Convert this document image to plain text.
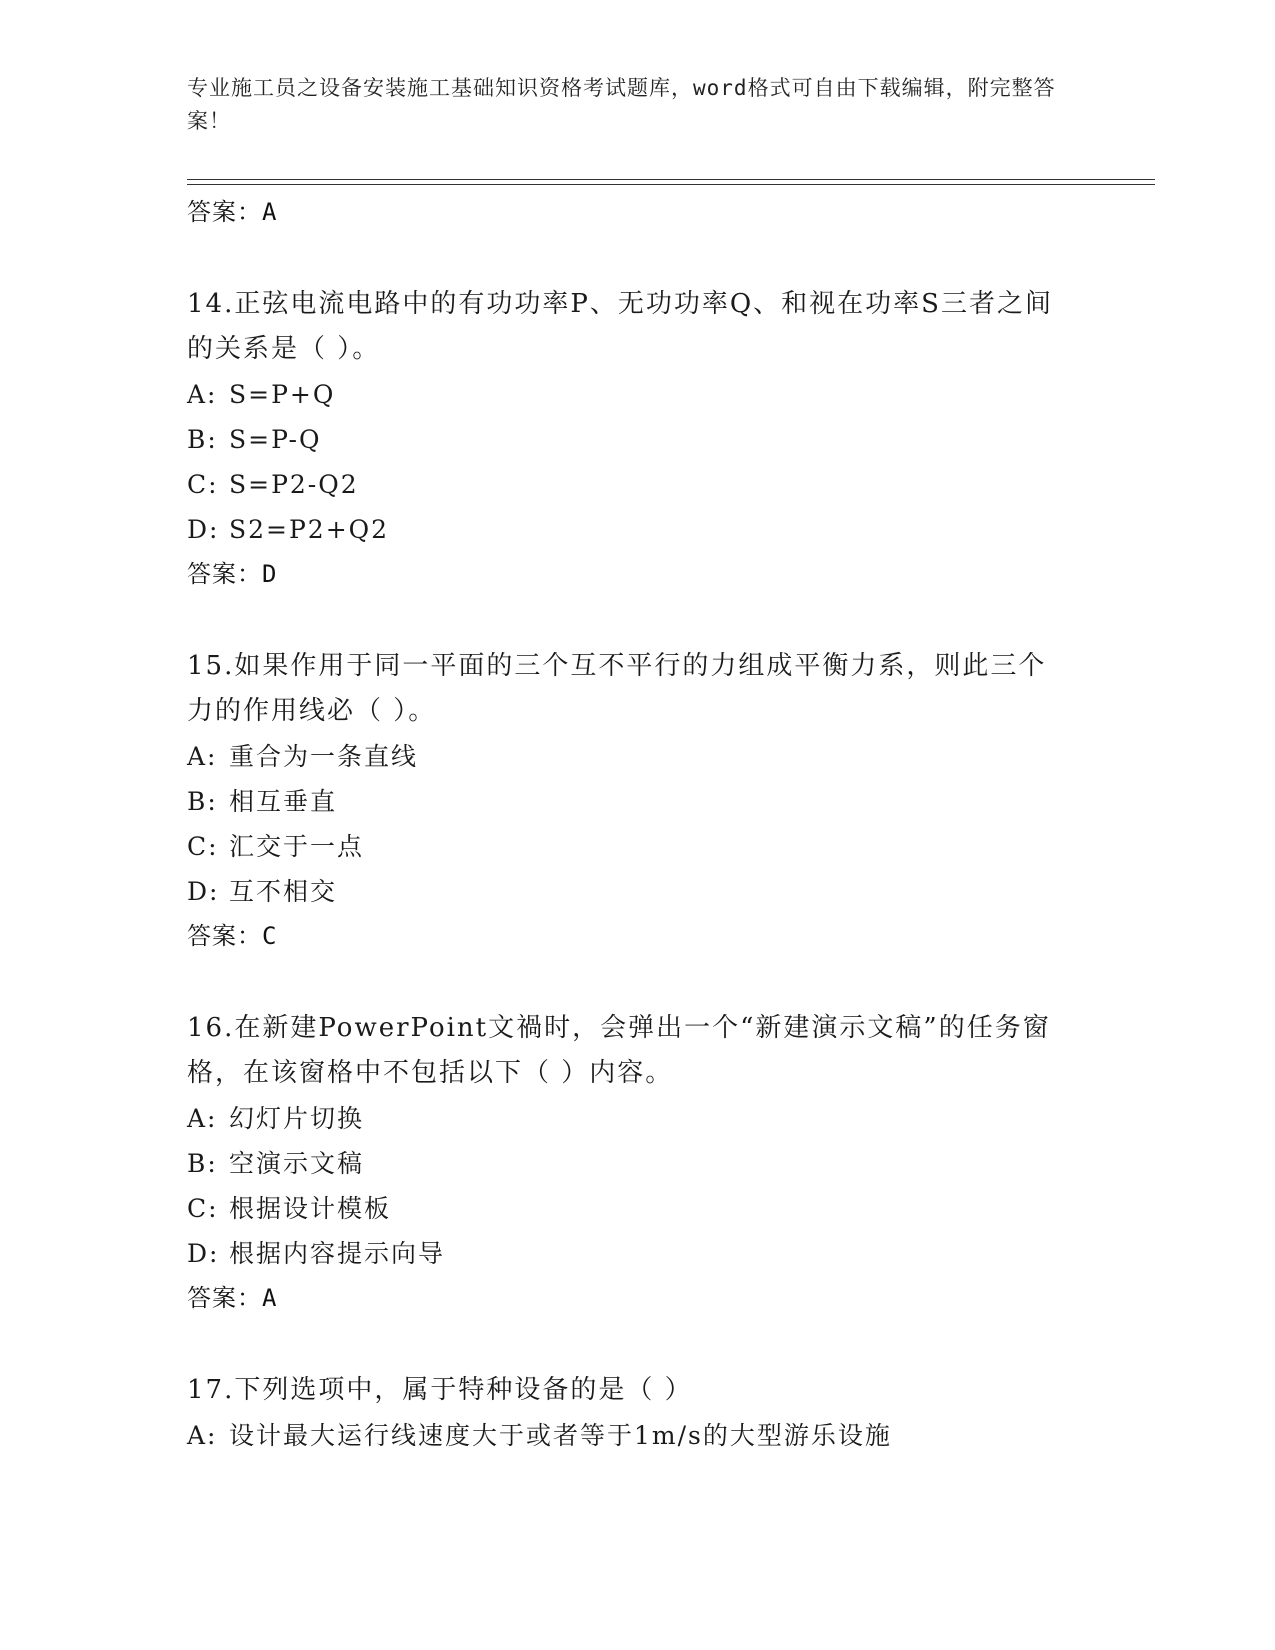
专业施工员之设备安装施工基础知识资格考试题库，word格式可自由下载编辑，附完整答案！
答案：A
14.正弦电流电路中的有功功率P、无功功率Q、和视在功率S三者之间的关系是（ ）。
A: S=P+Q
B: S=P-Q
C: S=P2-Q2
D: S2=P2+Q2
答案：D
15.如果作用于同一平面的三个互不平行的力组成平衡力系，则此三个力的作用线必（ ）。
A: 重合为一条直线
B: 相互垂直
C: 汇交于一点
D: 互不相交
答案：C
16.在新建PowerPoint文禍时，会弹出一个“新建演示文稿”的任务窗格，在该窗格中不包括以下（ ）内容。
A: 幻灯片切换
B: 空演示文稿
C: 根据设计模板
D: 根据内容提示向导
答案：A
17.下列选项中，属于特种设备的是（ ）
A: 设计最大运行线速度大于或者等于1m/s的大型游乐设施
